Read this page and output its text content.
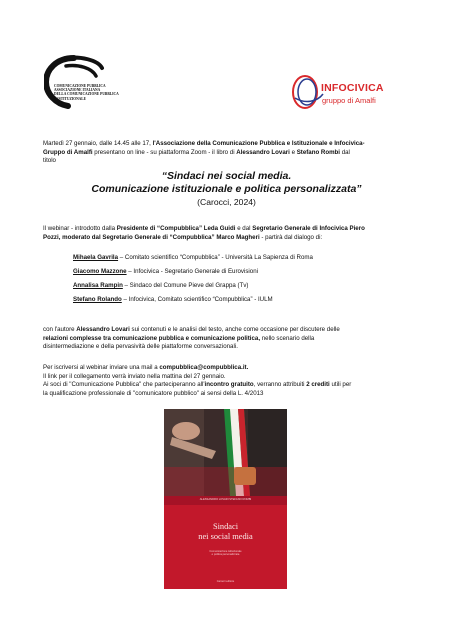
COMUNICAZIONE PUBBLICA
ASSOCIAZIONE ITALIANA
DELLA COMUNICAZIONE PUBBLICA
E ISTITUZIONALE
INFOCIVICA
gruppo di Amalfi
Martedì 27 gennaio, dalle 14.45 alle 17, l'Associazione della Comunicazione Pubblica e Istituzionale e Infocivica-
Gruppo di Amalfi presentano on line - su piattaforma Zoom - il libro di Alessandro Lovari e Stefano Rombi dal
titolo
“Sindaci nei social media.
Comunicazione istituzionale e politica personalizzata”
(Carocci, 2024)
Il webinar - introdotto dalla Presidente di “Compubblica” Leda Guidi e dal Segretario Generale di Infocivica Piero
Pozzi, moderato dal Segretario Generale di “Compubblica” Marco Magheri - partirà dal dialogo di:
Mihaela Gavrila – Comitato scientifico “Compubblica” - Università La Sapienza di Roma
Giacomo Mazzone – Infocivica - Segretario Generale di Eurovisioni
Annalisa Rampin – Sindaco del Comune Pieve del Grappa (Tv)
Stefano Rolando – Infocivica, Comitato scientifico “Compubblica” - IULM
con l'autore Alessandro Lovari sui contenuti e le analisi del testo, anche come occasione per discutere delle
relazioni complesse tra comunicazione pubblica e comunicazione politica, nello scenario della
disintermediazione e della pervasività delle piattaforme conversazionali.
Per iscriversi al webinar inviare una mail a compubblica@compubblica.it.
Il link per il collegamento verrà inviato nella mattina del 27 gennaio.
Ai soci di "Comunicazione Pubblica" che parteciperanno all'incontro gratuito, verranno attribuiti 2 crediti utili per
la qualificazione professionale di "comunicatore pubblico" ai sensi della L. 4/2013
ALESSANDRO LOVARI STEFANO ROMBI
Sindaci
nei social media
Comunicazione istituzionale
e politica personalizzata
Carocci editore
